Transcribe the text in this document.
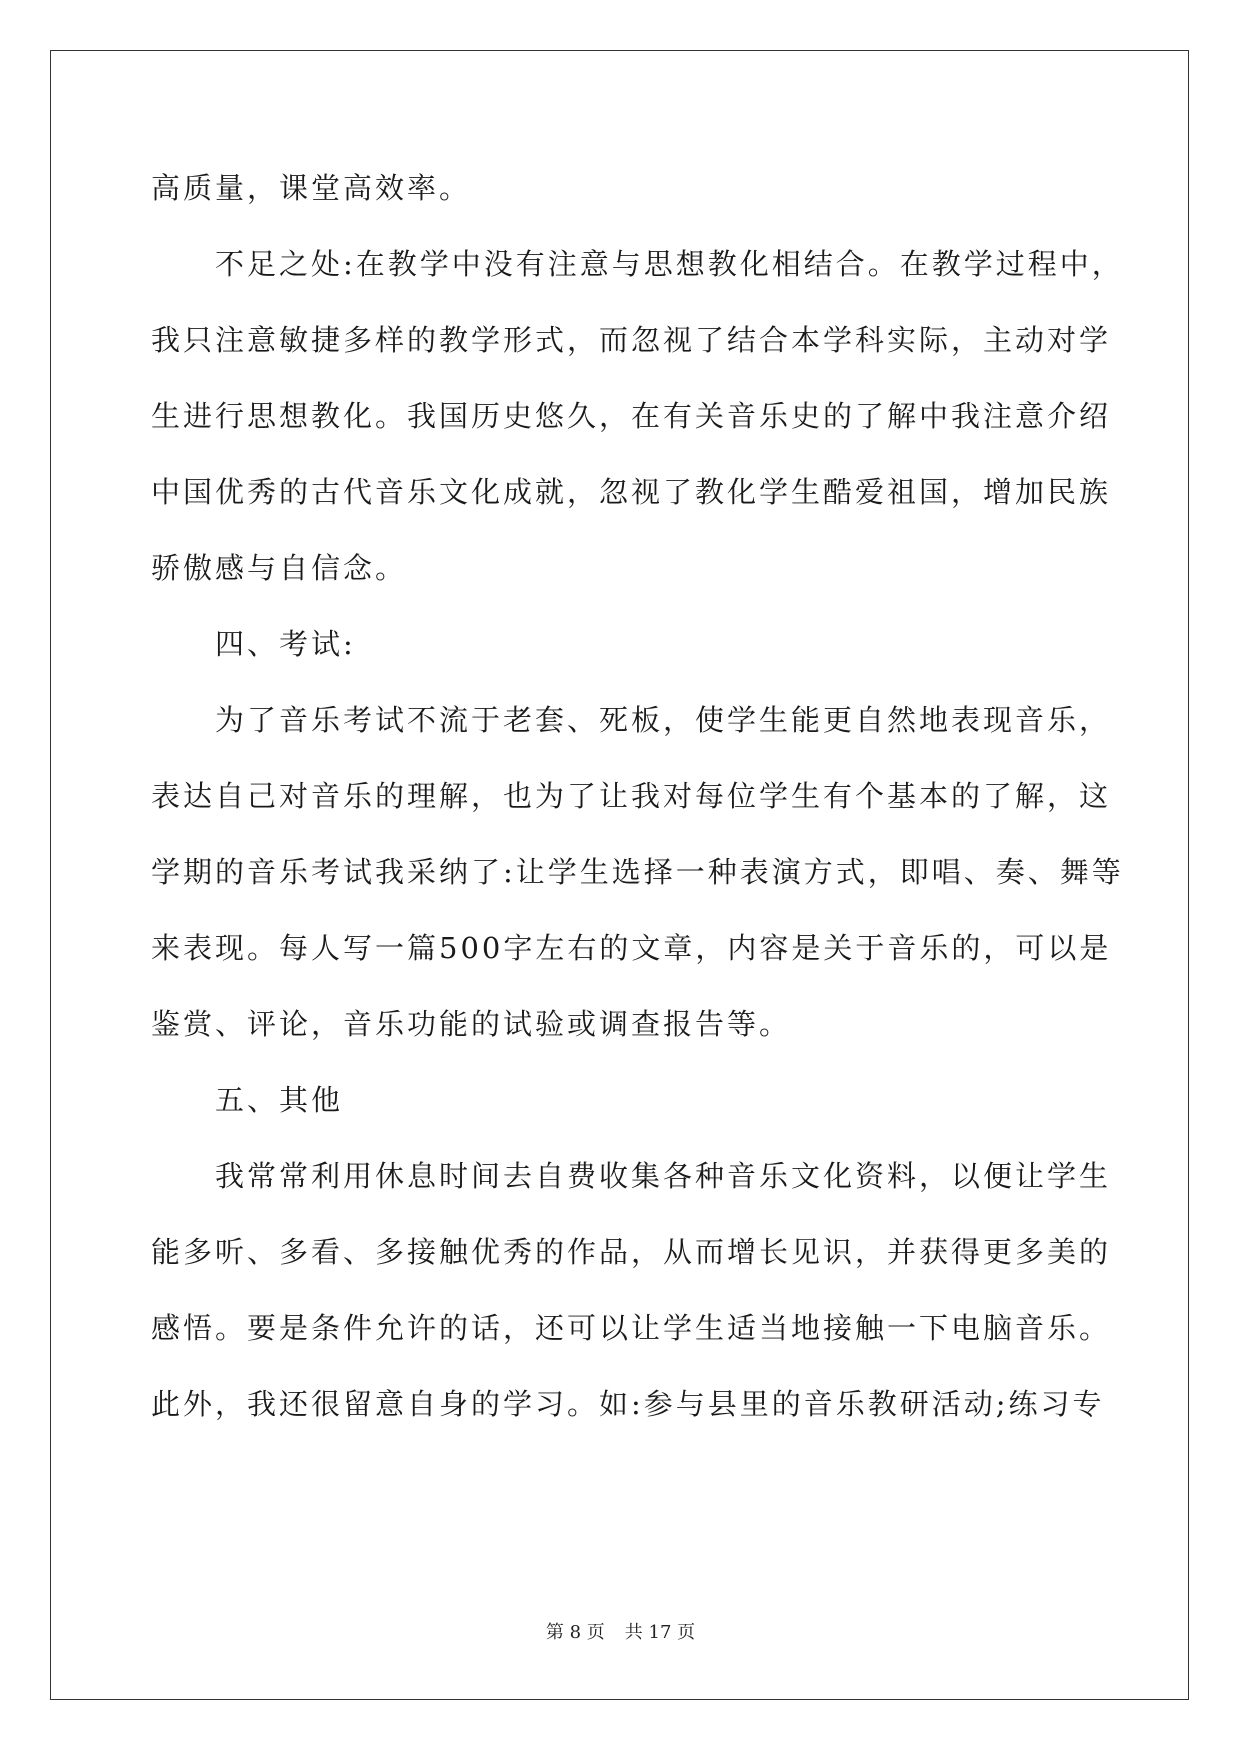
高质量，课堂高效率。
　　不足之处:在教学中没有注意与思想教化相结合。在教学过程中，
我只注意敏捷多样的教学形式，而忽视了结合本学科实际，主动对学
生进行思想教化。我国历史悠久，在有关音乐史的了解中我注意介绍
中国优秀的古代音乐文化成就，忽视了教化学生酷爱祖国，增加民族
骄傲感与自信念。
　　四、考试:
　　为了音乐考试不流于老套、死板，使学生能更自然地表现音乐，
表达自己对音乐的理解，也为了让我对每位学生有个基本的了解，这
学期的音乐考试我采纳了:让学生选择一种表演方式，即唱、奏、舞等
来表现。每人写一篇500字左右的文章，内容是关于音乐的，可以是
鉴赏、评论，音乐功能的试验或调查报告等。
　　五、其他
　　我常常利用休息时间去自费收集各种音乐文化资料，以便让学生
能多听、多看、多接触优秀的作品，从而增长见识，并获得更多美的
感悟。要是条件允许的话，还可以让学生适当地接触一下电脑音乐。
此外，我还很留意自身的学习。如:参与县里的音乐教研活动;练习专
第 8 页 共 17 页
